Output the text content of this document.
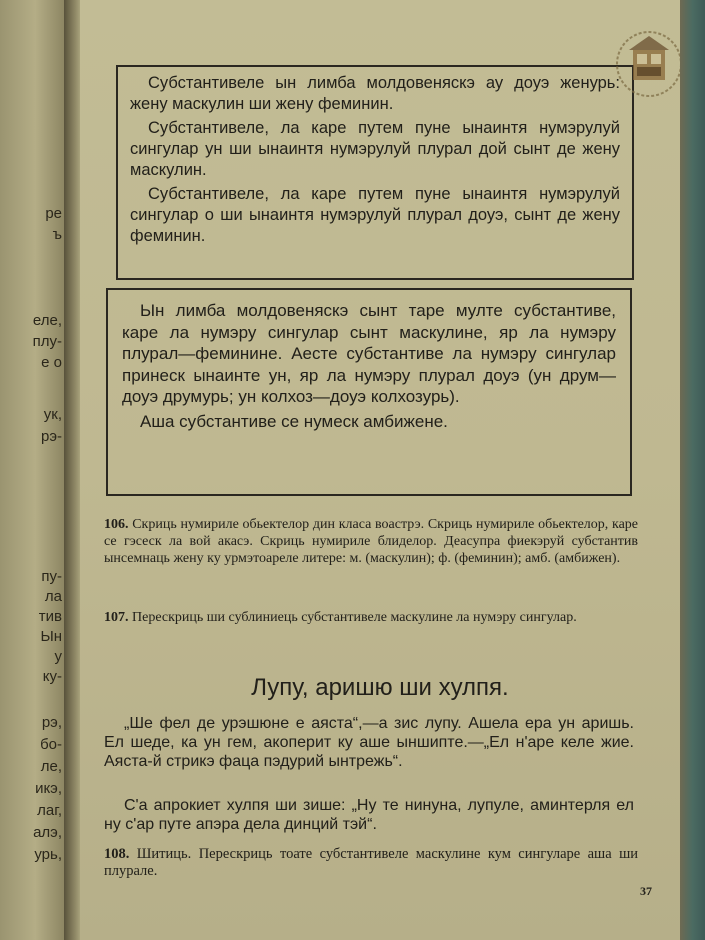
ре
ъ
еле,
плу-
e о
ук,
рэ-
пу-
ла
тив
Ын
у
ку-
рэ,
бо-
ле,
икэ,
лаг,
алэ,
урь,

Субстантивеле ын лимба молдовеняскэ ау доуэ женурь: жену маскулин ши жену феминин.

Субстантивеле, ла каре путем пуне ынаинтя нумэрулуй сингулар ун ши ынаинтя нумэрулуй плурал дой сынт де жену маскулин.

Субстантивеле, ла каре путем пуне ынаинтя нумэрулуй сингулар о ши ынаинтя нумэрулуй плурал доуэ, сынт де жену феминин.

Ын лимба молдовеняскэ сынт таре мулте субстантиве, каре ла нумэру сингулар сынт маскулине, яр ла нумэру плурал—феминине. Аесте субстантиве ла нумэру сингулар принеск ынаинте ун, яр ла нумэру плурал доуэ (ун друм—доуэ друмурь; ун колхоз—доуэ колхозурь).

Аша субстантиве се нумеск амбижене.

106. Скриць нумириле обьектелор дин класа воастрэ. Скриць нумириле обьектелор, каре се гэсеск ла вой акасэ. Скриць нумириле блиделор. Деасупра фиекэруй субстантив ынсемнаць жену ку урмэтоареле литере: м. (маскулин); ф. (феминин); амб. (амбижен).

107. Перескриць ши сублиниець субстантивеле маскулине ла нумэру сингулар.

Лупу, аришю ши хулпя.

„Ше фел де урэшюне е аяста“,—а зис лупу. Ашела ера ун аришь. Ел шеде, ка ун гем, акоперит ку аше ыншипте.—„Ел н'аре келе жие. Аяста-й стрикэ фаца пэдурий ынтрежь“.

С'а апрокиет хулпя ши зише: „Ну те нинуна, лупуле, аминтерля ел ну с'ар путе апэра дела динций тэй“.

108. Шитиць. Перескриць тоате субстантивеле маскулине кум сингуларе аша ши плурале.

37
